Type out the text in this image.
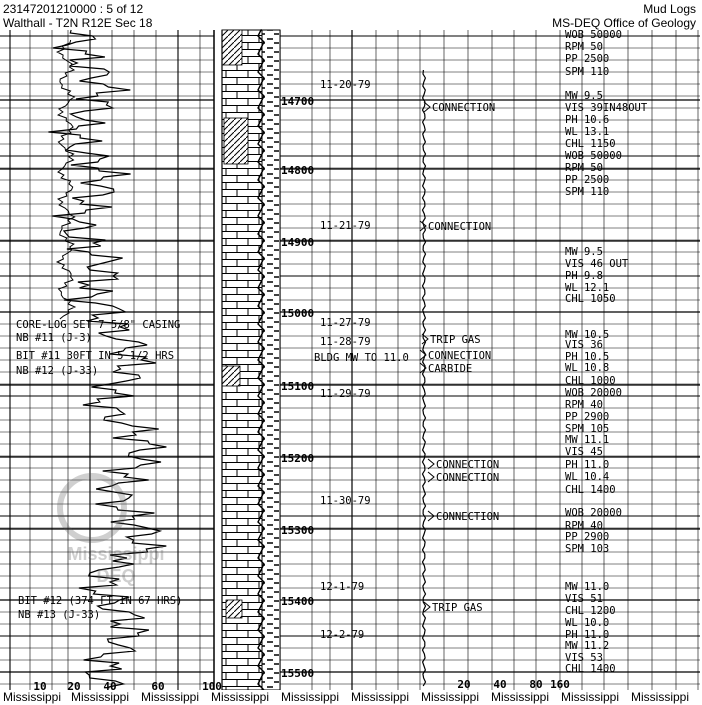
23147201210000 : 5 of 12
Walthall - T2N R12E Sec 18
Mud Logs
MS-DEQ Office of Geology
Mississippi
DEQ
14700
14800
14900
15000
15100
15200
15300
15400
15500
11-20-79
11-21-79
11-27-79
11-28-79
11-29-79
11-30-79
12-1-79
12-2-79
CONNECTION
CONNECTION
TRIP GAS
CONNECTION
CARBIDE
CONNECTION
CONNECTION
CONNECTION
TRIP GAS
CORE-LOG SET 7 5/8" CASING
NB #11 (J-3)
BIT #11 30FT IN 5 1/2 HRS
NB #12 (J-33)
BLDG MW TO 11.0
BIT #12 (374 FT IN 67 HRS)
NB #13 (J-33)
WOB 50000
RPM 50
PP 2500
SPM 110
MW 9.5
VIS 39IN48OUT
PH 10.6
WL 13.1
CHL 1150
WOB 50000
RPM 50
PP 2500
SPM 110
MW 9.5
VIS 46 OUT
PH 9.8
WL 12.1
CHL 1050
MW 10.5
VIS 36
PH 10.5
WL 10.8
CHL 1000
WOB 20000
RPM 40
PP 2900
SPM 105
MW 11.1
VIS 45
PH 11.0
WL 10.4
CHL 1400
WOB 20000
RPM 40
PP 2900
SPM 103
MW 11.0
VIS 51
CHL 1200
WL 10.0
PH 11.0
MW 11.2
VIS 53
CHL 1400
10 20 40	60	100	20 40 80 160
Mississippi Mississippi Mississippi Mississippi Mississippi Mississippi Mississippi Mississippi Mississippi Mississippi
